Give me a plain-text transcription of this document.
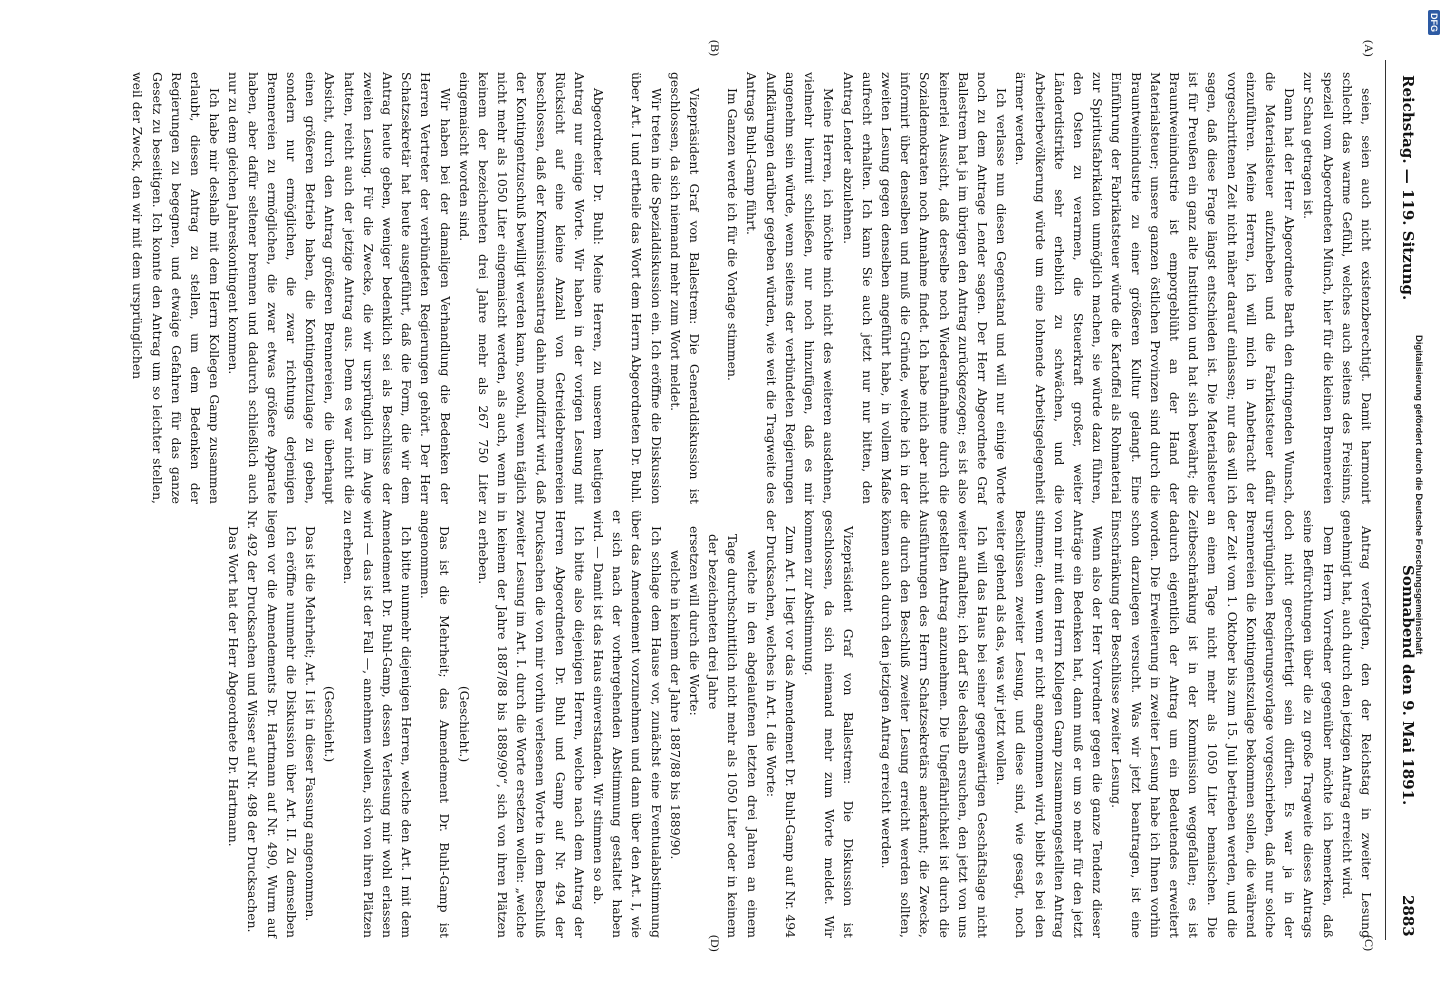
Reichstag. — 119. Sitzung.
Sonnabend den 9. Mai 1891.
2883
(A)
(B)
(C)
(D)

seien, seien auch nicht existenzberechtigt. Damit harmonirt schlecht das warme Gefühl, welches auch seitens des Freisinns, speziell vom Abgeordneten Münch, hier für die kleinen Brennereien zur Schau getragen ist.

Dann hat der Herr Abgeordnete Barth den dringenden Wunsch, die Materialsteuer aufzuheben und die Fabrikatsteuer dafür einzuführen. Meine Herren, ich will mich in Anbetracht der vorgeschrittenen Zeit nicht näher darauf einlassen; nur das will ich sagen, daß diese Frage längst entschieden ist. Die Materialsteuer ist für Preußen ein ganz alte Institution und hat sich bewährt; die Brauntweinindustrie ist emporgeblüht an der Hand der Materialsteuer; unsere ganzen östlichen Provinzen sind durch die Brauntweinindustrie zu einer größeren Kultur gelangt. Eine Einführung der Fabrikatsteuer würde die Kartoffel als Rohmaterial zur Spiritusfabrikation unmöglich machen, sie würde dazu führen, den Osten zu verarmen, die Steuerkraft großer, weiter Länderdistrikte sehr erheblich zu schwächen, und die Arbeiterbevölkerung würde um eine lohnende Arbeitsgelegenheit ärmer werden.

Ich verlasse nun diesen Gegenstand und will nur einige Worte noch zu dem Antrage Lender sagen. Der Herr Abgeordnete Graf Ballestrem hat ja im übrigen den Antrag zurückgezogen; es ist also keinerlei Aussicht, daß derselbe noch Wiederaufnahme durch die Sozialdemokraten noch Annahme findet. Ich habe mich aber nicht informirt über denselben und muß die Gründe, welche ich in der zweiten Lesung gegen denselben angeführt habe, in vollem Maße aufrecht erhalten. Ich kann Sie auch jetzt nur nur bitten, den Antrag Lender abzulehnen.

Meine Herren, ich möchte mich nicht des weiteren ausdehnen, vielmehr hiermit schließen, nur noch hinzufügen, daß es mir angenehm sein würde, wenn seitens der verbündeten Regierungen Aufklärungen darüber gegeben würden, wie weit die Tragweite des Antrags Buhl-Gamp führt.

Im Ganzen werde ich für die Vorlage stimmen.

Vizepräsident Graf von Ballestrem: Die Generaldiskussion ist geschlossen, da sich niemand mehr zum Wort meldet.

Wir treten in die Spezialdiskussion ein. Ich eröffne die Diskussion über Art. I und ertheile das Wort dem Herrn Abgeordneten Dr. Buhl.

Abgeordneter Dr. Buhl: Meine Herren, zu unserem heutigen Antrag nur einige Worte. Wir haben in der vorigen Lesung mit Rücksicht auf eine kleine Anzahl von Getreidebrennereien beschlossen, daß der Kommissionsantrag dahin modifizirt wird, daß der Kontingentzuschuß bewilligt werden kann, sowohl, wenn täglich nicht mehr als 1050 Liter eingemaischt werden, als auch, wenn in keinem der bezeichneten drei Jahre mehr als 267 750 Liter eingemaischt worden sind.

Wir haben bei der damaligen Verhandlung die Bedenken der Herren Vertreter der verbündeten Regierungen gehört. Der Herr Schatzsekretär hat heute ausgeführt, daß die Form, die wir dem Antrag heute geben, weniger bedenklich sei als Beschlüsse der zweiten Lesung. Für die Zwecke, die wir ursprünglich im Auge hatten, reicht auch der jetzige Antrag aus. Denn es war nicht die Absicht, durch den Antrag größeren Brennereien, die überhaupt einen größeren Betrieb haben, die Kontingentzulage zu geben, sondern nur ermöglichen, die zwar richtungs derjenigen Brennereien zu ermöglichen, die zwar etwas größere Apparate haben, aber dafür seltener brennen und dadurch schließlich auch nur zu dem gleichen Jahreskontingent kommen.

Ich habe mir deshalb mit dem Herrn Kollegen Gamp zusammen erlaubt, diesen Antrag zu stellen, um dem Bedenken der Regierungen zu begegnen, und etwaige Gefahren für das ganze Gesetz zu beseitigen. Ich konnte den Antrag um so leichter stellen, weil der Zweck, den wir mit dem ursprünglichen

Antrag verfolgten, den der Reichstag in zweiter Lesung genehmigt hat, auch durch den jetzigen Antrag erreicht wird.

Dem Herrn Vorredner gegenüber möchte ich bemerken, daß seine Befürchtungen über die zu große Tragweite dieses Antrags doch nicht gerechtfertigt sein dürften. Es war ja in der ursprünglichen Regierungsvorlage vorgeschrieben, daß nur solche Brennereien die Kontingentszulage bekommen sollen, die während der Zeit vom 1. Oktober bis zum 15. Juli betrieben werden, und die an einem Tage nicht mehr als 1050 Liter bemaischen. Die Zeitbeschränkung ist in der Kommission weggefallen; es ist dadurch eigentlich der Antrag um ein Bedeutendes erweitert worden. Die Erweiterung in zweiter Lesung habe ich Ihnen vorhin schon darzulegen versucht. Was wir jetzt beantragen, ist eine Einschränkung der Beschlüsse zweiter Lesung.

Wenn also der Herr Vorredner gegen die ganze Tendenz dieser Anträge ein Bedenken hat, dann muß er um so mehr für den jetzt von mir mit dem Herrn Kollegen Gamp zusammengestellten Antrag stimmen; denn wenn er nicht angenommen wird, bleibt es bei den Beschlüssen zweiter Lesung, und diese sind, wie gesagt, noch weiter gehend als das, was wir jetzt wollen.

Ich will das Haus bei seiner gegenwärtigen Geschäftslage nicht weiter aufhalten; ich darf Sie deshalb ersuchen, den jetzt von uns gestellten Antrag anzunehmen. Die Ungefährlichkeit ist durch die Ausführungen des Herrn Schatzsekretärs anerkannt; die Zwecke, die durch den Beschluß zweiter Lesung erreicht werden sollten, können auch durch den jetzigen Antrag erreicht werden.

Vizepräsident Graf von Ballestrem: Die Diskussion ist geschlossen, da sich niemand mehr zum Worte meldet. Wir kommen zur Abstimmung.

Zum Art. I liegt vor das Amendement Dr. Buhl-Gamp auf Nr. 494 der Drucksachen, welches in Art. I die Worte:

welche in den abgelaufenen letzten drei Jahren an einem Tage durchschnittlich nicht mehr als 1050 Liter oder in keinem der bezeichneten drei Jahre

ersetzen will durch die Worte:

welche in keinem der Jahre 1887/88 bis 1889/90.

Ich schlage dem Hause vor, zunächst eine Eventualabstimmung über das Amendement vorzunehmen und dann über den Art. I, wie er sich nach der vorhergehenden Abstimmung gestaltet haben wird. — Damit ist das Haus einverstanden. Wir stimmen so ab.

Ich bitte also diejenigen Herren, welche nach dem Antrag der Herren Abgeordneten Dr. Buhl und Gamp auf Nr. 494 der Drucksachen die von mir vorhin verlesenen Worte in dem Beschluß zweiter Lesung im Art. I. durch die Worte ersetzen wollen: „welche in keinem der Jahre 1887/88 bis 1889/90“, sich von ihren Plätzen zu erheben.

(Geschieht.)

Das ist die Mehrheit; das Amendement Dr. Buhl-Gamp ist angenommen.

Ich bitte nunmehr diejenigen Herren, welche den Art. I mit dem Amendement Dr. Buhl-Gamp, dessen Verlesung mir wohl erlassen wird — das ist der Fall —, annehmen wollen, sich von ihren Plätzen zu erheben.

(Geschieht.)

Das ist die Mehrheit; Art. I ist in dieser Fassung angenommen.

Ich eröffne nunmehr die Diskussion über Art. II. Zu demselben liegen vor die Amendements Dr. Hartmann auf Nr. 490, Wurm auf Nr. 492 der Drucksachen und Wisser auf Nr. 498 der Drucksachen.

Das Wort hat der Herr Abgeordnete Dr. Hartmann.

Digitalisierung gefördert durch die Deutsche Forschungsgemeinschaft
DFG
